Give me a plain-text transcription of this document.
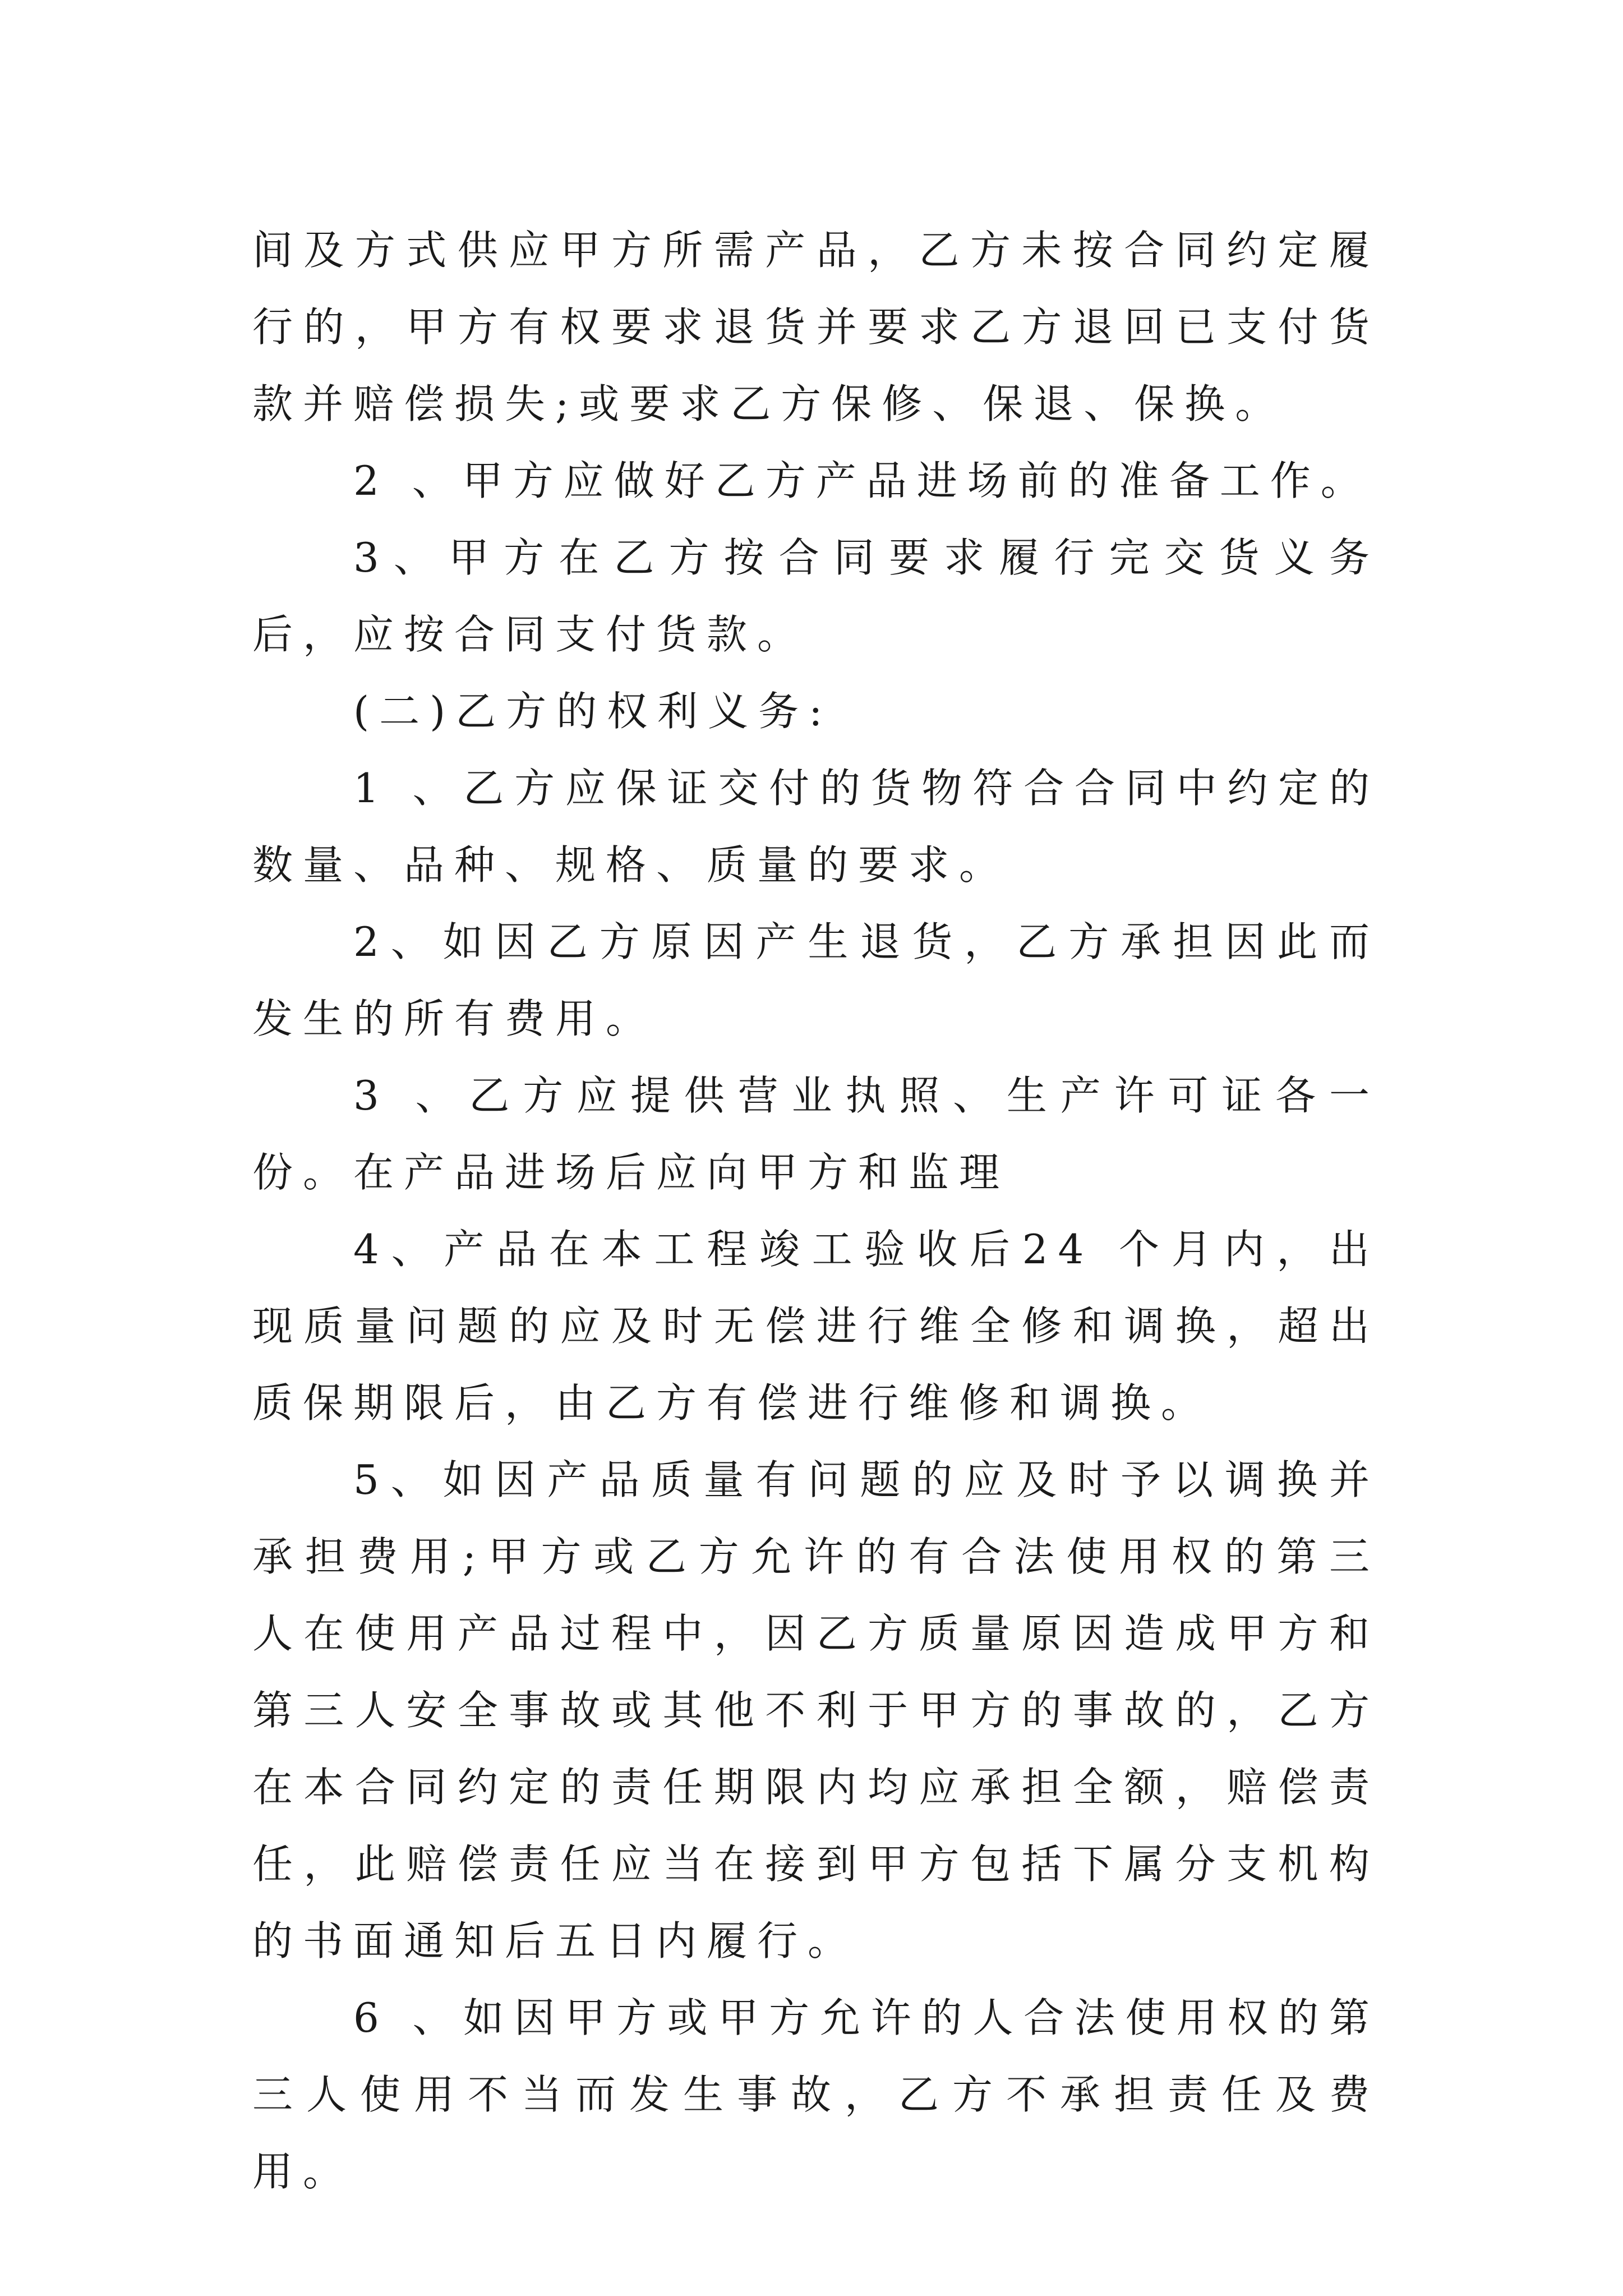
间及方式供应甲方所需产品，乙方未按合同约定履行的，甲方有权要求退货并要求乙方退回已支付货款并赔偿损失;或要求乙方保修、保退、保换。

2 、甲方应做好乙方产品进场前的准备工作。

3、甲方在乙方按合同要求履行完交货义务后，应按合同支付货款。

(二)乙方的权利义务:

1 、乙方应保证交付的货物符合合同中约定的数量、品种、规格、质量的要求。

2、如因乙方原因产生退货，乙方承担因此而发生的所有费用。

3 、乙方应提供营业执照、生产许可证各一份。在产品进场后应向甲方和监理

4、产品在本工程竣工验收后24 个月内，出现质量问题的应及时无偿进行维全修和调换，超出质保期限后，由乙方有偿进行维修和调换。

5、如因产品质量有问题的应及时予以调换并承担费用;甲方或乙方允许的有合法使用权的第三人在使用产品过程中，因乙方质量原因造成甲方和第三人安全事故或其他不利于甲方的事故的，乙方在本合同约定的责任期限内均应承担全额，赔偿责任，此赔偿责任应当在接到甲方包括下属分支机构的书面通知后五日内履行。

6 、如因甲方或甲方允许的人合法使用权的第三人使用不当而发生事故，乙方不承担责任及费用。
